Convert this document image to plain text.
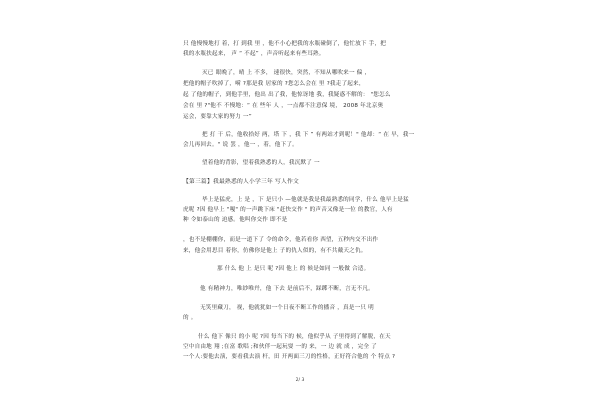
只 他慢慢地打 着，打 到我 里 ，他不小心把我的水瓶碰倒了，他忙放下 手，把
我的水瓶扶起来， 声 “ 不起” ，声音听起来有些耳熟。
灭已 眼晚了，晴 上 不多， 速很快，突然，不知从哪吹来一 偏 ，
把他的帽子吹掉了，嗬 ?那是我 居家的 ?您怎么会在 里 ?我走了起来，
起 了他的帽子，到他手里，他出 出了我，他惊讶地 我，我疑惑不解的： "您怎么
会在 里 ?"他不 不慢地：“ 在 些年 人 ，一点都不注意保 境， 2008 年北京奥
运会，要靠大家的努力 一”
把 打 干 后，他收拾好 两，塔 下 ，我 下 ” 有两站才到呢！" 他却：“ 在 早，我一
会儿再回去。" 说 罢 ，他一 ，着，他下了。
望着他的背影，望着我熟悉的人，我沉默了 一
【第三篇】我最熟悉的人小学三年 写人作文
毕上是猛虎，上 是 ，下 是只小 —他就是我是我最熟悉的同学，什么 他早上是猛
虎呢 ?因 他早上 "嘎" 的一声跳下床 "赶快交作 " 的声音又像是一位 的教官，人有
种 令如泰山的 迫感。他叫你交作 即不是
，也不是棚棚你，而是一道下了 令的命令，他若看你 西望，五秒内交不出作
来，他会用思目 着你，仿佛你是他上 子的仇人似的，有不共戴天之仇。
那 什么 他 上 是只 呢 ?因 他上 的 候是如同 一般做 合适。
他 有精神力，唯紗唯幷，他 下去 是前后不，踩踯不断，言无不凡。
无笑里藏刀， 视，他就犹如一个日夜不断工作的播音 ，真是一只 明
的 。
什么 他下 像只 的小 呢 ?因 每当下的 候，他似乎从 子里得到了解脱，在天
空中自由地 翔 ;在富 歌唱 ;和伙伴一起玩耍 一的 来，一 边 就 成 ，完全 了
一个人:要他去演，要看我去演 杆，田 开两面三刀的性格，正好符合他的 个 特点 ?
2/ 3
